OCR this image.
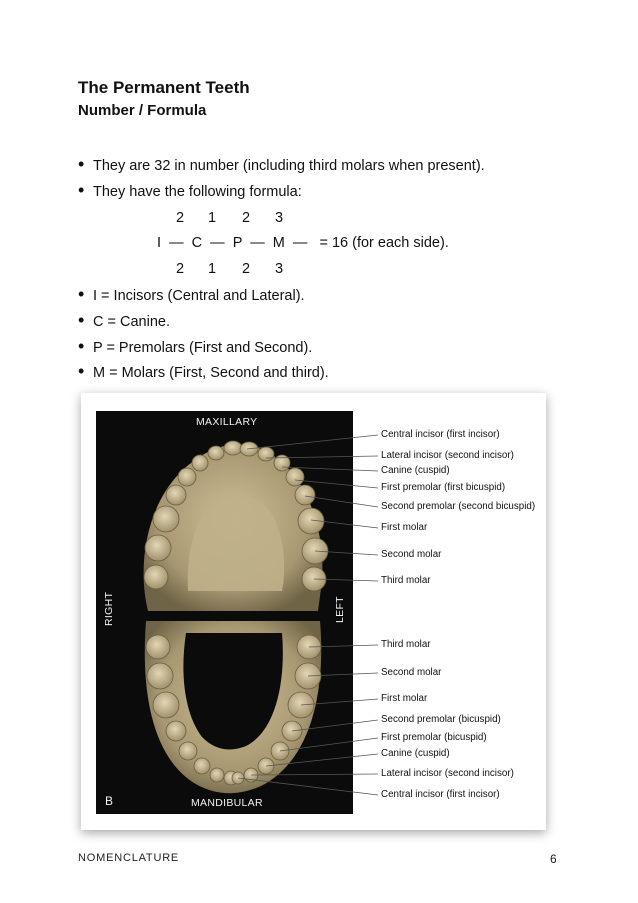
The Permanent Teeth
Number / Formula
• They are 32 in number (including third molars when present).
• They have the following formula:
2	1	2	3
I  —  C  —  P  —  M  —   = 16 (for each side).
2	1	2	3
• I = Incisors (Central and Lateral).
• C = Canine.
• P = Premolars (First and Second).
• M = Molars (First, Second and third).
MAXILLARY
MANDIBULAR
RIGHT	LEFT
B
Central incisor (first incisor)
Lateral incisor (second incisor)
Canine (cuspid)
First premolar (first bicuspid)
Second premolar (second bicuspid)
First molar
Second molar
Third molar
Third molar
Second molar
First molar
Second premolar (bicuspid)
First premolar (bicuspid)
Canine (cuspid)
Lateral incisor (second incisor)
Central incisor (first incisor)
NOMENCLATURE	6
